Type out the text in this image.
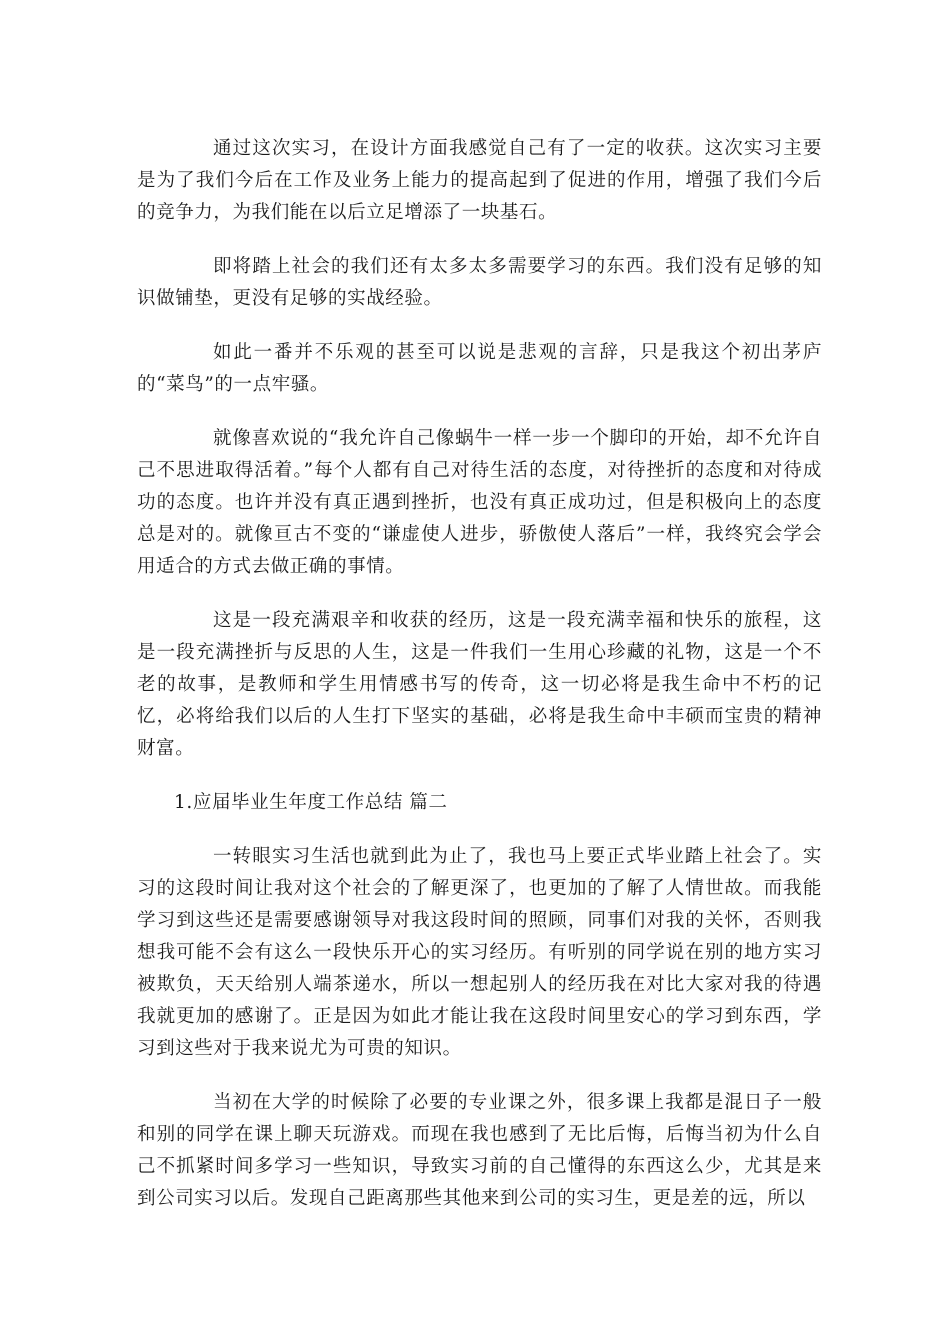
通过这次实习，在设计方面我感觉自己有了一定的收获。这次实习主要是为了我们今后在工作及业务上能力的提高起到了促进的作用，增强了我们今后的竞争力，为我们能在以后立足增添了一块基石。

即将踏上社会的我们还有太多太多需要学习的东西。我们没有足够的知识做铺垫，更没有足够的实战经验。

如此一番并不乐观的甚至可以说是悲观的言辞，只是我这个初出茅庐的“菜鸟”的一点牢骚。

就像喜欢说的“我允许自己像蜗牛一样一步一个脚印的开始，却不允许自己不思进取得活着。”每个人都有自己对待生活的态度，对待挫折的态度和对待成功的态度。也许并没有真正遇到挫折，也没有真正成功过，但是积极向上的态度总是对的。就像亘古不变的“谦虚使人进步，骄傲使人落后”一样，我终究会学会用适合的方式去做正确的事情。

这是一段充满艰辛和收获的经历，这是一段充满幸福和快乐的旅程，这是一段充满挫折与反思的人生，这是一件我们一生用心珍藏的礼物，这是一个不老的故事，是教师和学生用情感书写的传奇，这一切必将是我生命中不朽的记忆，必将给我们以后的人生打下坚实的基础，必将是我生命中丰硕而宝贵的精神财富。

1.应届毕业生年度工作总结 篇二

一转眼实习生活也就到此为止了，我也马上要正式毕业踏上社会了。实习的这段时间让我对这个社会的了解更深了，也更加的了解了人情世故。而我能学习到这些还是需要感谢领导对我这段时间的照顾，同事们对我的关怀，否则我想我可能不会有这么一段快乐开心的实习经历。有听别的同学说在别的地方实习被欺负，天天给别人端茶递水，所以一想起别人的经历我在对比大家对我的待遇我就更加的感谢了。正是因为如此才能让我在这段时间里安心的学习到东西，学习到这些对于我来说尤为可贵的知识。

当初在大学的时候除了必要的专业课之外，很多课上我都是混日子一般和别的同学在课上聊天玩游戏。而现在我也感到了无比后悔，后悔当初为什么自己不抓紧时间多学习一些知识，导致实习前的自己懂得的东西这么少，尤其是来到公司实习以后。发现自己距离那些其他来到公司的实习生，更是差的远，所以
